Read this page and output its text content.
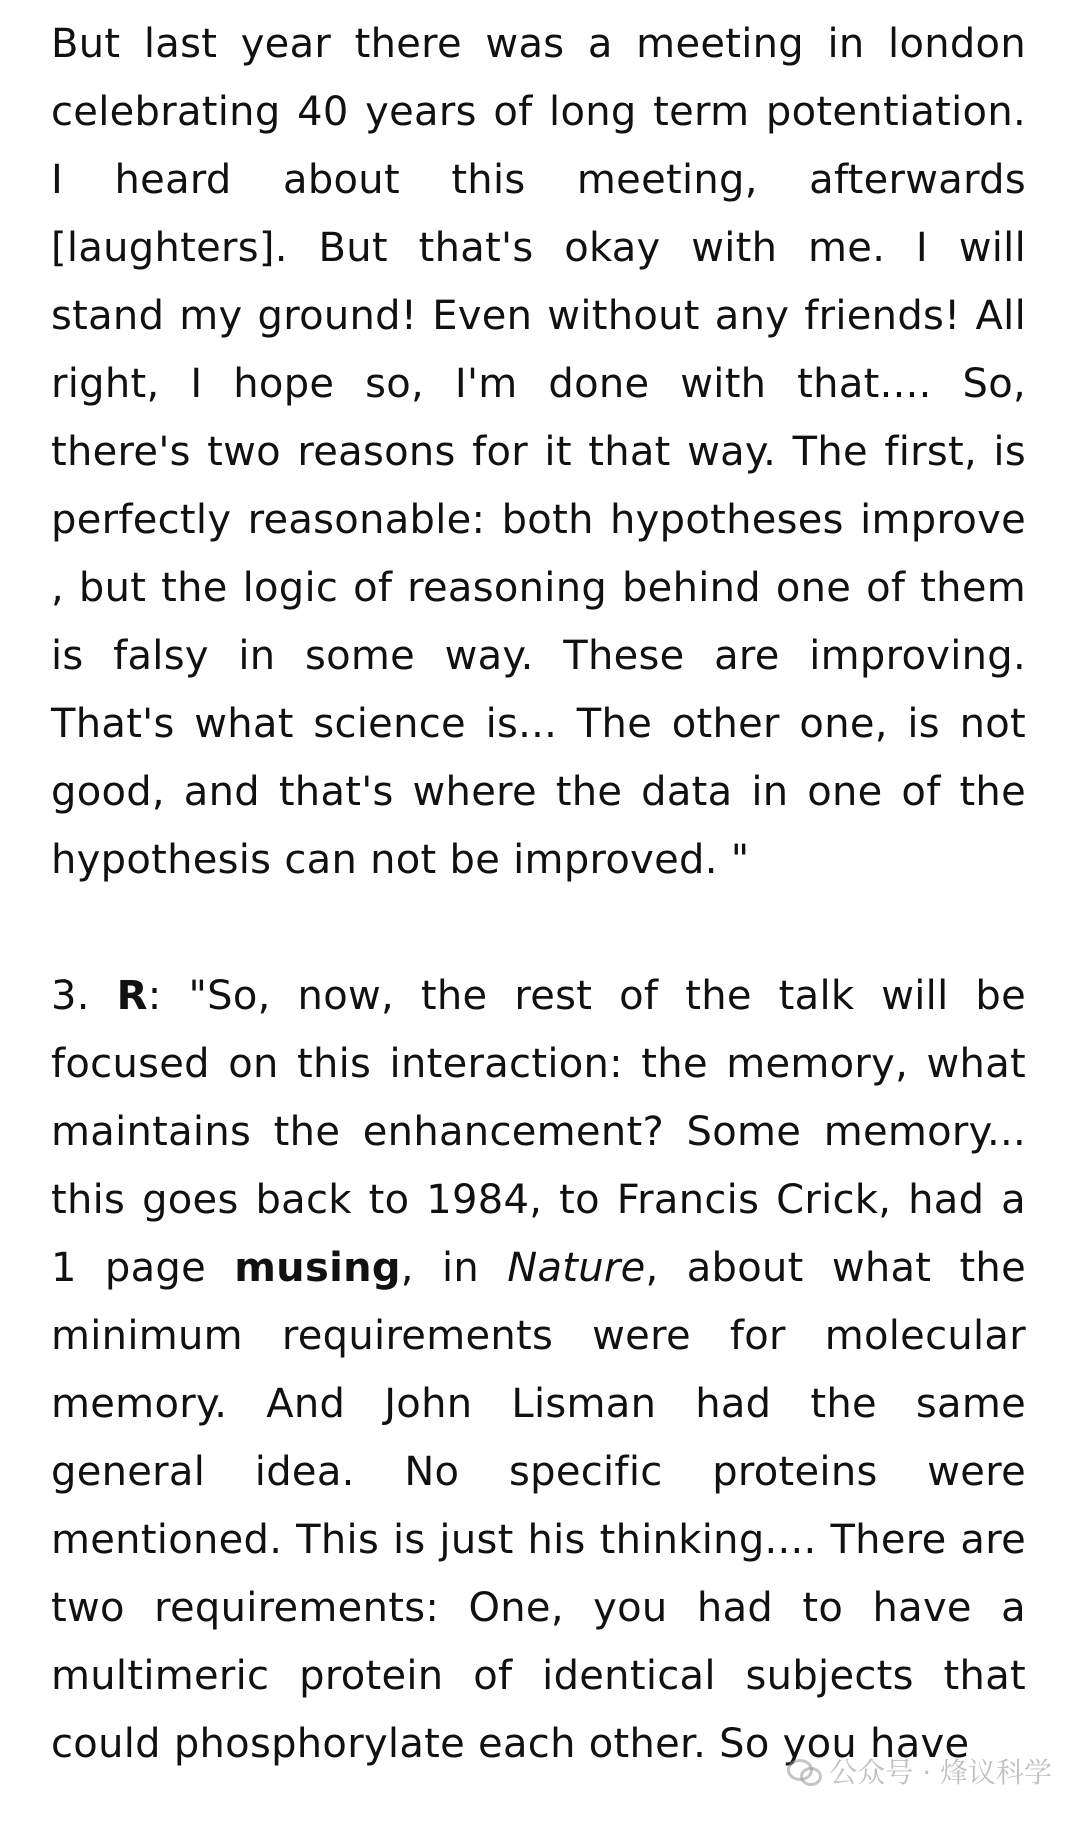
But last year there was a meeting in london celebrating 40 years of long term potentiation. I heard about this meeting, afterwards [laughters]. But that's okay with me. I will stand my ground! Even without any friends! All right, I hope so, I'm done with that.... So, there's two reasons for it that way. The first, is perfectly reasonable: both hypotheses improve , but the logic of reasoning behind one of them is falsy in some way. These are improving. That's what science is... The other one, is not good, and that's where the data in one of the hypothesis can not be improved. "

3. R: "So, now, the rest of the talk will be focused on this interaction: the memory, what maintains the enhancement? Some memory... this goes back to 1984, to Francis Crick, had a 1 page musing, in Nature, about what the minimum requirements were for molecular memory. And John Lisman had the same general idea. No specific proteins were mentioned. This is just his thinking.... There are two requirements: One, you had to have a multimeric protein of identical subjects that could phosphorylate each other. So you have

公众号 · 烽议科学
